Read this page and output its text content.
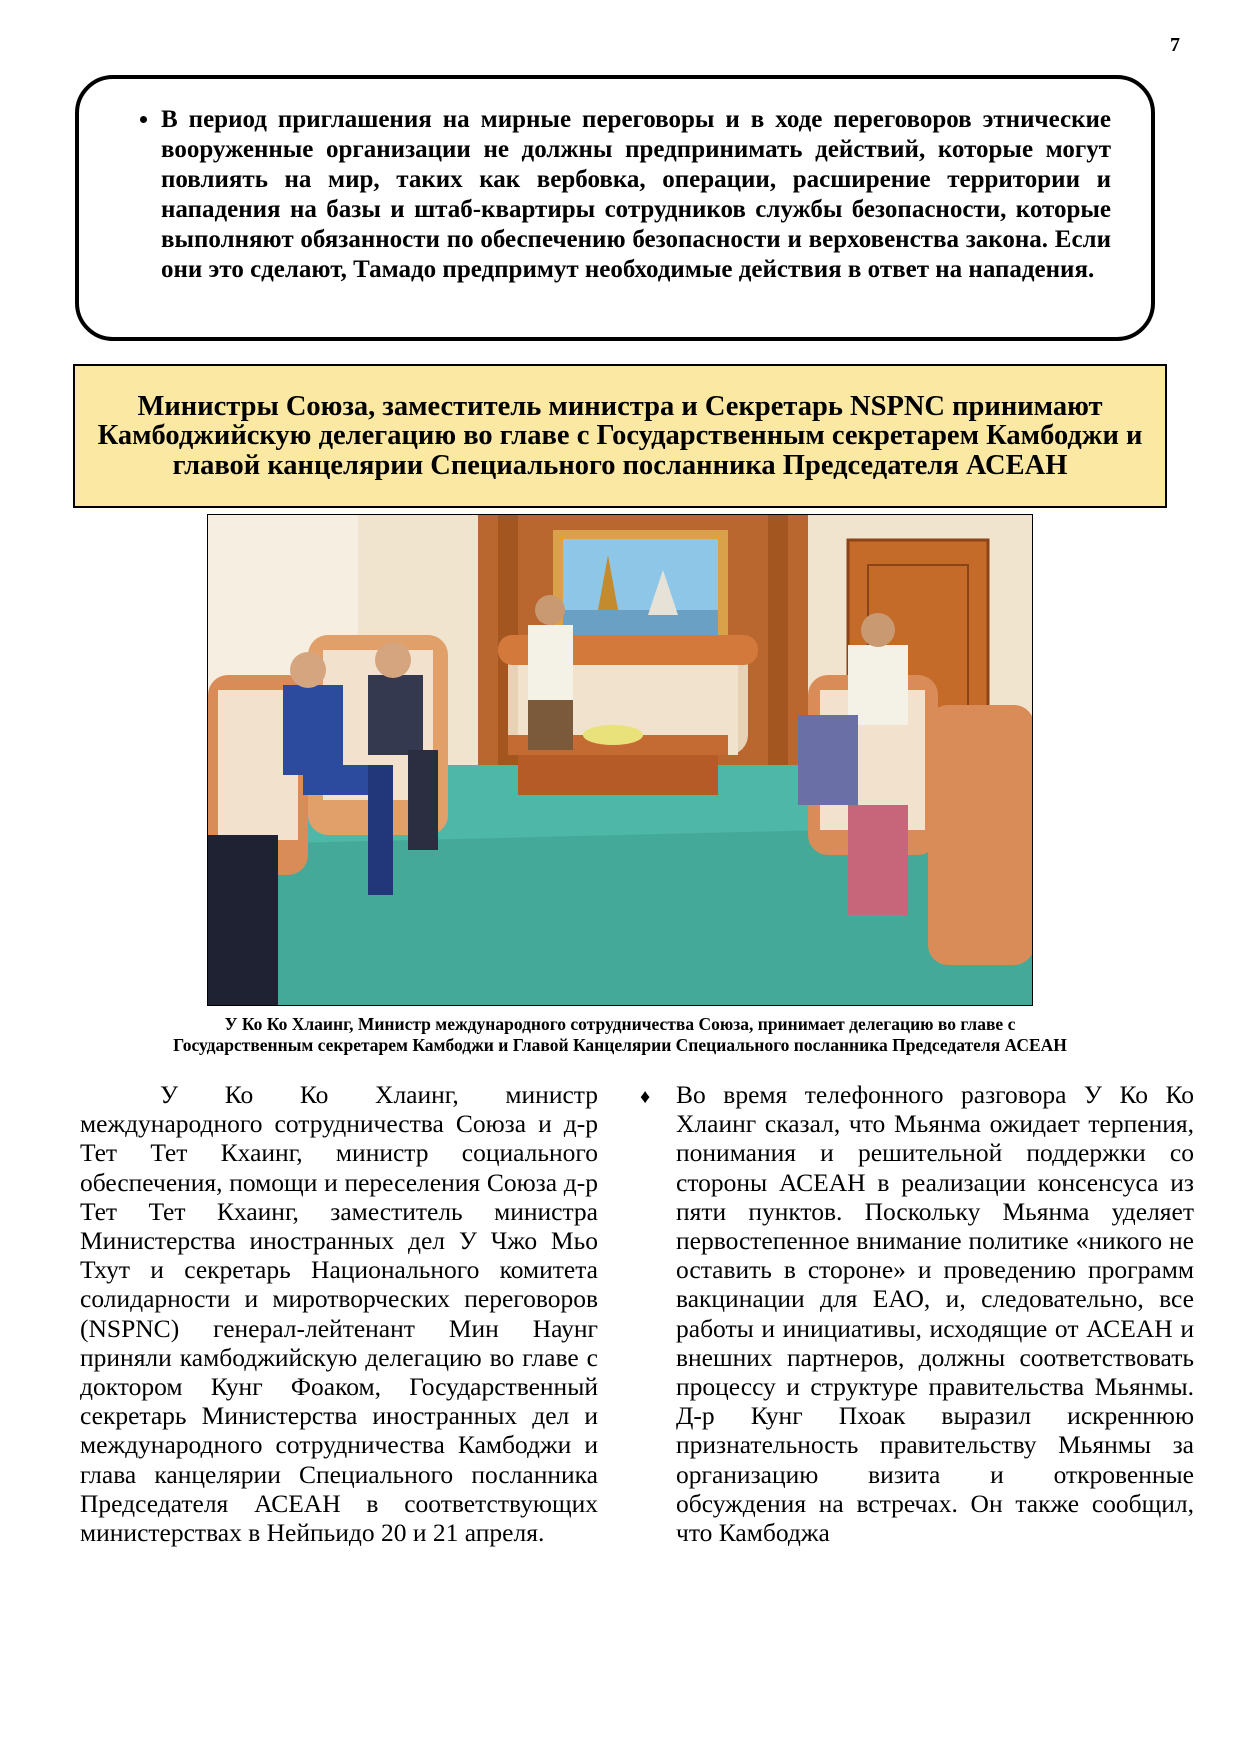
7
• В период приглашения на мирные переговоры и в ходе переговоров этнические вооруженные организации не должны предпринимать действий, которые могут повлиять на мир, таких как вербовка, операции, расширение территории и нападения на базы и штаб-квартиры сотрудников службы безопасности, которые выполняют обязанности по обеспечению безопасности и верховенства закона. Если они это сделают, Тамадо предпримут необходимые действия в ответ на нападения.
Министры Союза, заместитель министра и Секретарь NSPNC принимают Камбоджийскую делегацию во главе с Государственным секретарем Камбоджи и главой канцелярии Специального посланника Председателя АСЕАН
У Ко Ко Хлаинг, Министр международного сотрудничества Союза, принимает делегацию во главе с
Государственным секретарем Камбоджи и Главой Канцелярии Специального посланника Председателя АСЕАН

У Ко Ко Хлаинг, министр международного сотрудничества Союза и д-р Тет Тет Кхаинг, министр социального обеспечения, помощи и переселения Союза д-р Тет Тет Кхаинг, заместитель министра Министерства иностранных дел У Чжо Мьо Тхут и секретарь Национального комитета солидарности и миротворческих переговоров (NSPNC) генерал-лейтенант Мин Наунг приняли камбоджийскую делегацию во главе с доктором Кунг Фоаком, Государственный секретарь Министерства иностранных дел и международного сотрудничества Камбоджи и глава канцелярии Специального посланника Председателя АСЕАН в соответствующих министерствах в Нейпьидо 20 и 21 апреля.

♦ Во время телефонного разговора У Ко Ко Хлаинг сказал, что Мьянма ожидает терпения, понимания и решительной поддержки со стороны АСЕАН в реализации консенсуса из пяти пунктов. Поскольку Мьянма уделяет первостепенное внимание политике «никого не оставить в стороне» и проведению программ вакцинации для ЕАО, и, следовательно, все работы и инициативы, исходящие от АСЕАН и внешних партнеров, должны соответствовать процессу и структуре правительства Мьянмы. Д-р Кунг Пхоак выразил искреннюю признательность правительству Мьянмы за организацию визита и откровенные обсуждения на встречах. Он также сообщил, что Камбоджа
